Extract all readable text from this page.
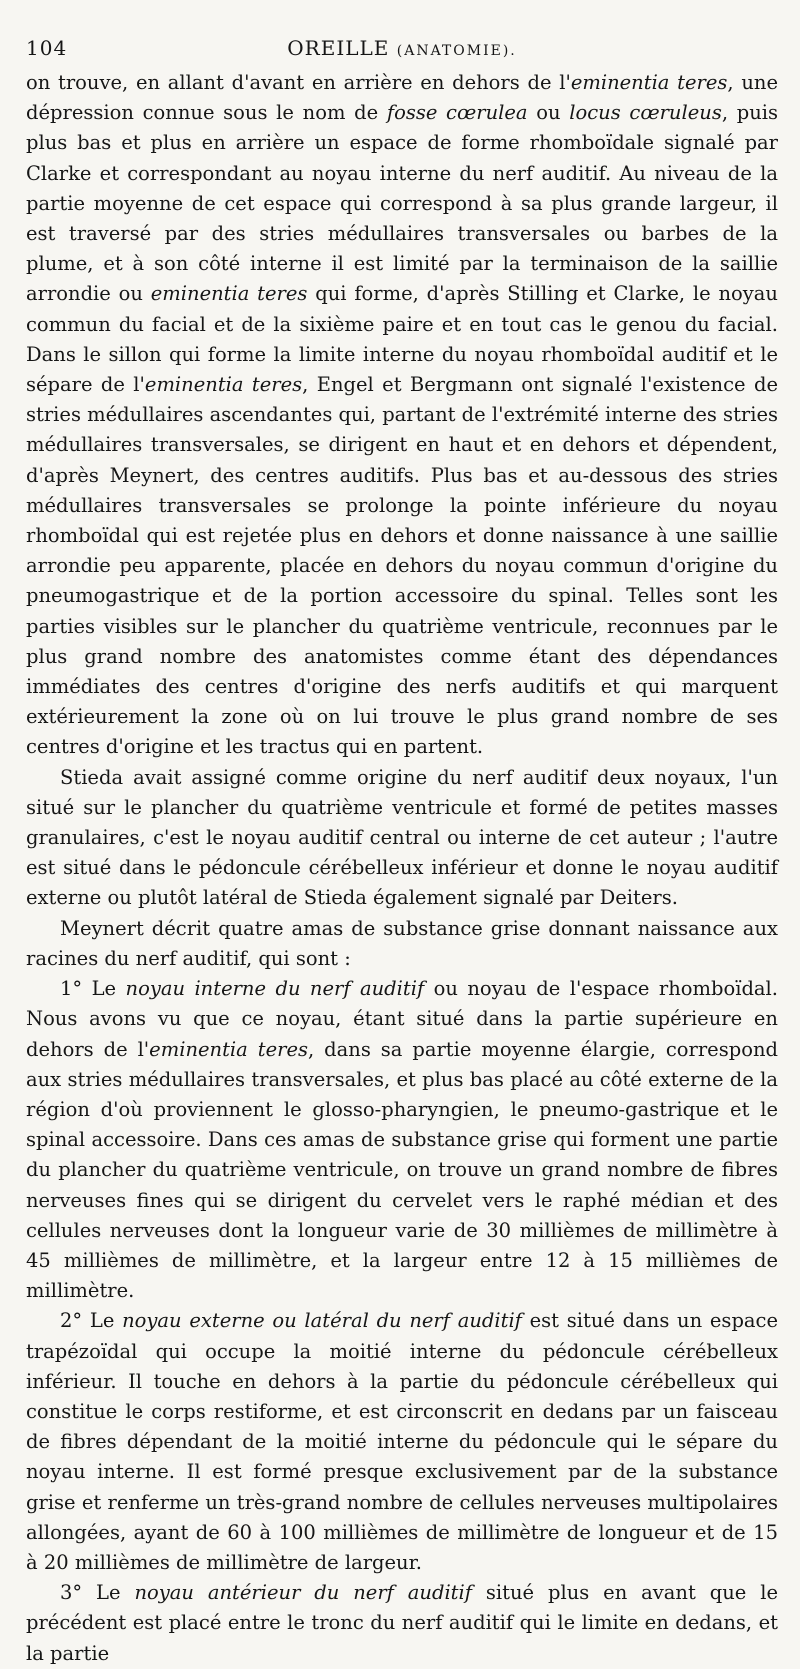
104	OREILLE (ANATOMIE).

on trouve, en allant d'avant en arrière en dehors de l'eminentia teres, une dépression connue sous le nom de fosse cœrulea ou locus cœruleus, puis plus bas et plus en arrière un espace de forme rhomboïdale signalé par Clarke et correspondant au noyau interne du nerf auditif. Au niveau de la partie moyenne de cet espace qui correspond à sa plus grande largeur, il est traversé par des stries médullaires transversales ou barbes de la plume, et à son côté interne il est limité par la terminaison de la saillie arrondie ou eminentia teres qui forme, d'après Stilling et Clarke, le noyau commun du facial et de la sixième paire et en tout cas le genou du facial. Dans le sillon qui forme la limite interne du noyau rhomboïdal auditif et le sépare de l'eminentia teres, Engel et Bergmann ont signalé l'existence de stries médullaires ascendantes qui, partant de l'extrémité interne des stries médullaires transversales, se dirigent en haut et en dehors et dépendent, d'après Meynert, des centres auditifs. Plus bas et au-dessous des stries médullaires transversales se prolonge la pointe inférieure du noyau rhomboïdal qui est rejetée plus en dehors et donne naissance à une saillie arrondie peu apparente, placée en dehors du noyau commun d'origine du pneumogastrique et de la portion accessoire du spinal. Telles sont les parties visibles sur le plancher du quatrième ventricule, reconnues par le plus grand nombre des anatomistes comme étant des dépendances immédiates des centres d'origine des nerfs auditifs et qui marquent extérieurement la zone où on lui trouve le plus grand nombre de ses centres d'origine et les tractus qui en partent.

Stieda avait assigné comme origine du nerf auditif deux noyaux, l'un situé sur le plancher du quatrième ventricule et formé de petites masses granulaires, c'est le noyau auditif central ou interne de cet auteur ; l'autre est situé dans le pédoncule cérébelleux inférieur et donne le noyau auditif externe ou plutôt latéral de Stieda également signalé par Deiters.

Meynert décrit quatre amas de substance grise donnant naissance aux racines du nerf auditif, qui sont :

1° Le noyau interne du nerf auditif ou noyau de l'espace rhomboïdal. Nous avons vu que ce noyau, étant situé dans la partie supérieure en dehors de l'eminentia teres, dans sa partie moyenne élargie, correspond aux stries médullaires transversales, et plus bas placé au côté externe de la région d'où proviennent le glosso-pharyngien, le pneumo-gastrique et le spinal accessoire. Dans ces amas de substance grise qui forment une partie du plancher du quatrième ventricule, on trouve un grand nombre de fibres nerveuses fines qui se dirigent du cervelet vers le raphé médian et des cellules nerveuses dont la longueur varie de 30 millièmes de millimètre à 45 millièmes de millimètre, et la largeur entre 12 à 15 millièmes de millimètre.

2° Le noyau externe ou latéral du nerf auditif est situé dans un espace trapézoïdal qui occupe la moitié interne du pédoncule cérébelleux inférieur. Il touche en dehors à la partie du pédoncule cérébelleux qui constitue le corps restiforme, et est circonscrit en dedans par un faisceau de fibres dépendant de la moitié interne du pédoncule qui le sépare du noyau interne. Il est formé presque exclusivement par de la substance grise et renferme un très-grand nombre de cellules nerveuses multipolaires allongées, ayant de 60 à 100 millièmes de millimètre de longueur et de 15 à 20 millièmes de millimètre de largeur.

3° Le noyau antérieur du nerf auditif situé plus en avant que le précédent est placé entre le tronc du nerf auditif qui le limite en dedans, et la partie
